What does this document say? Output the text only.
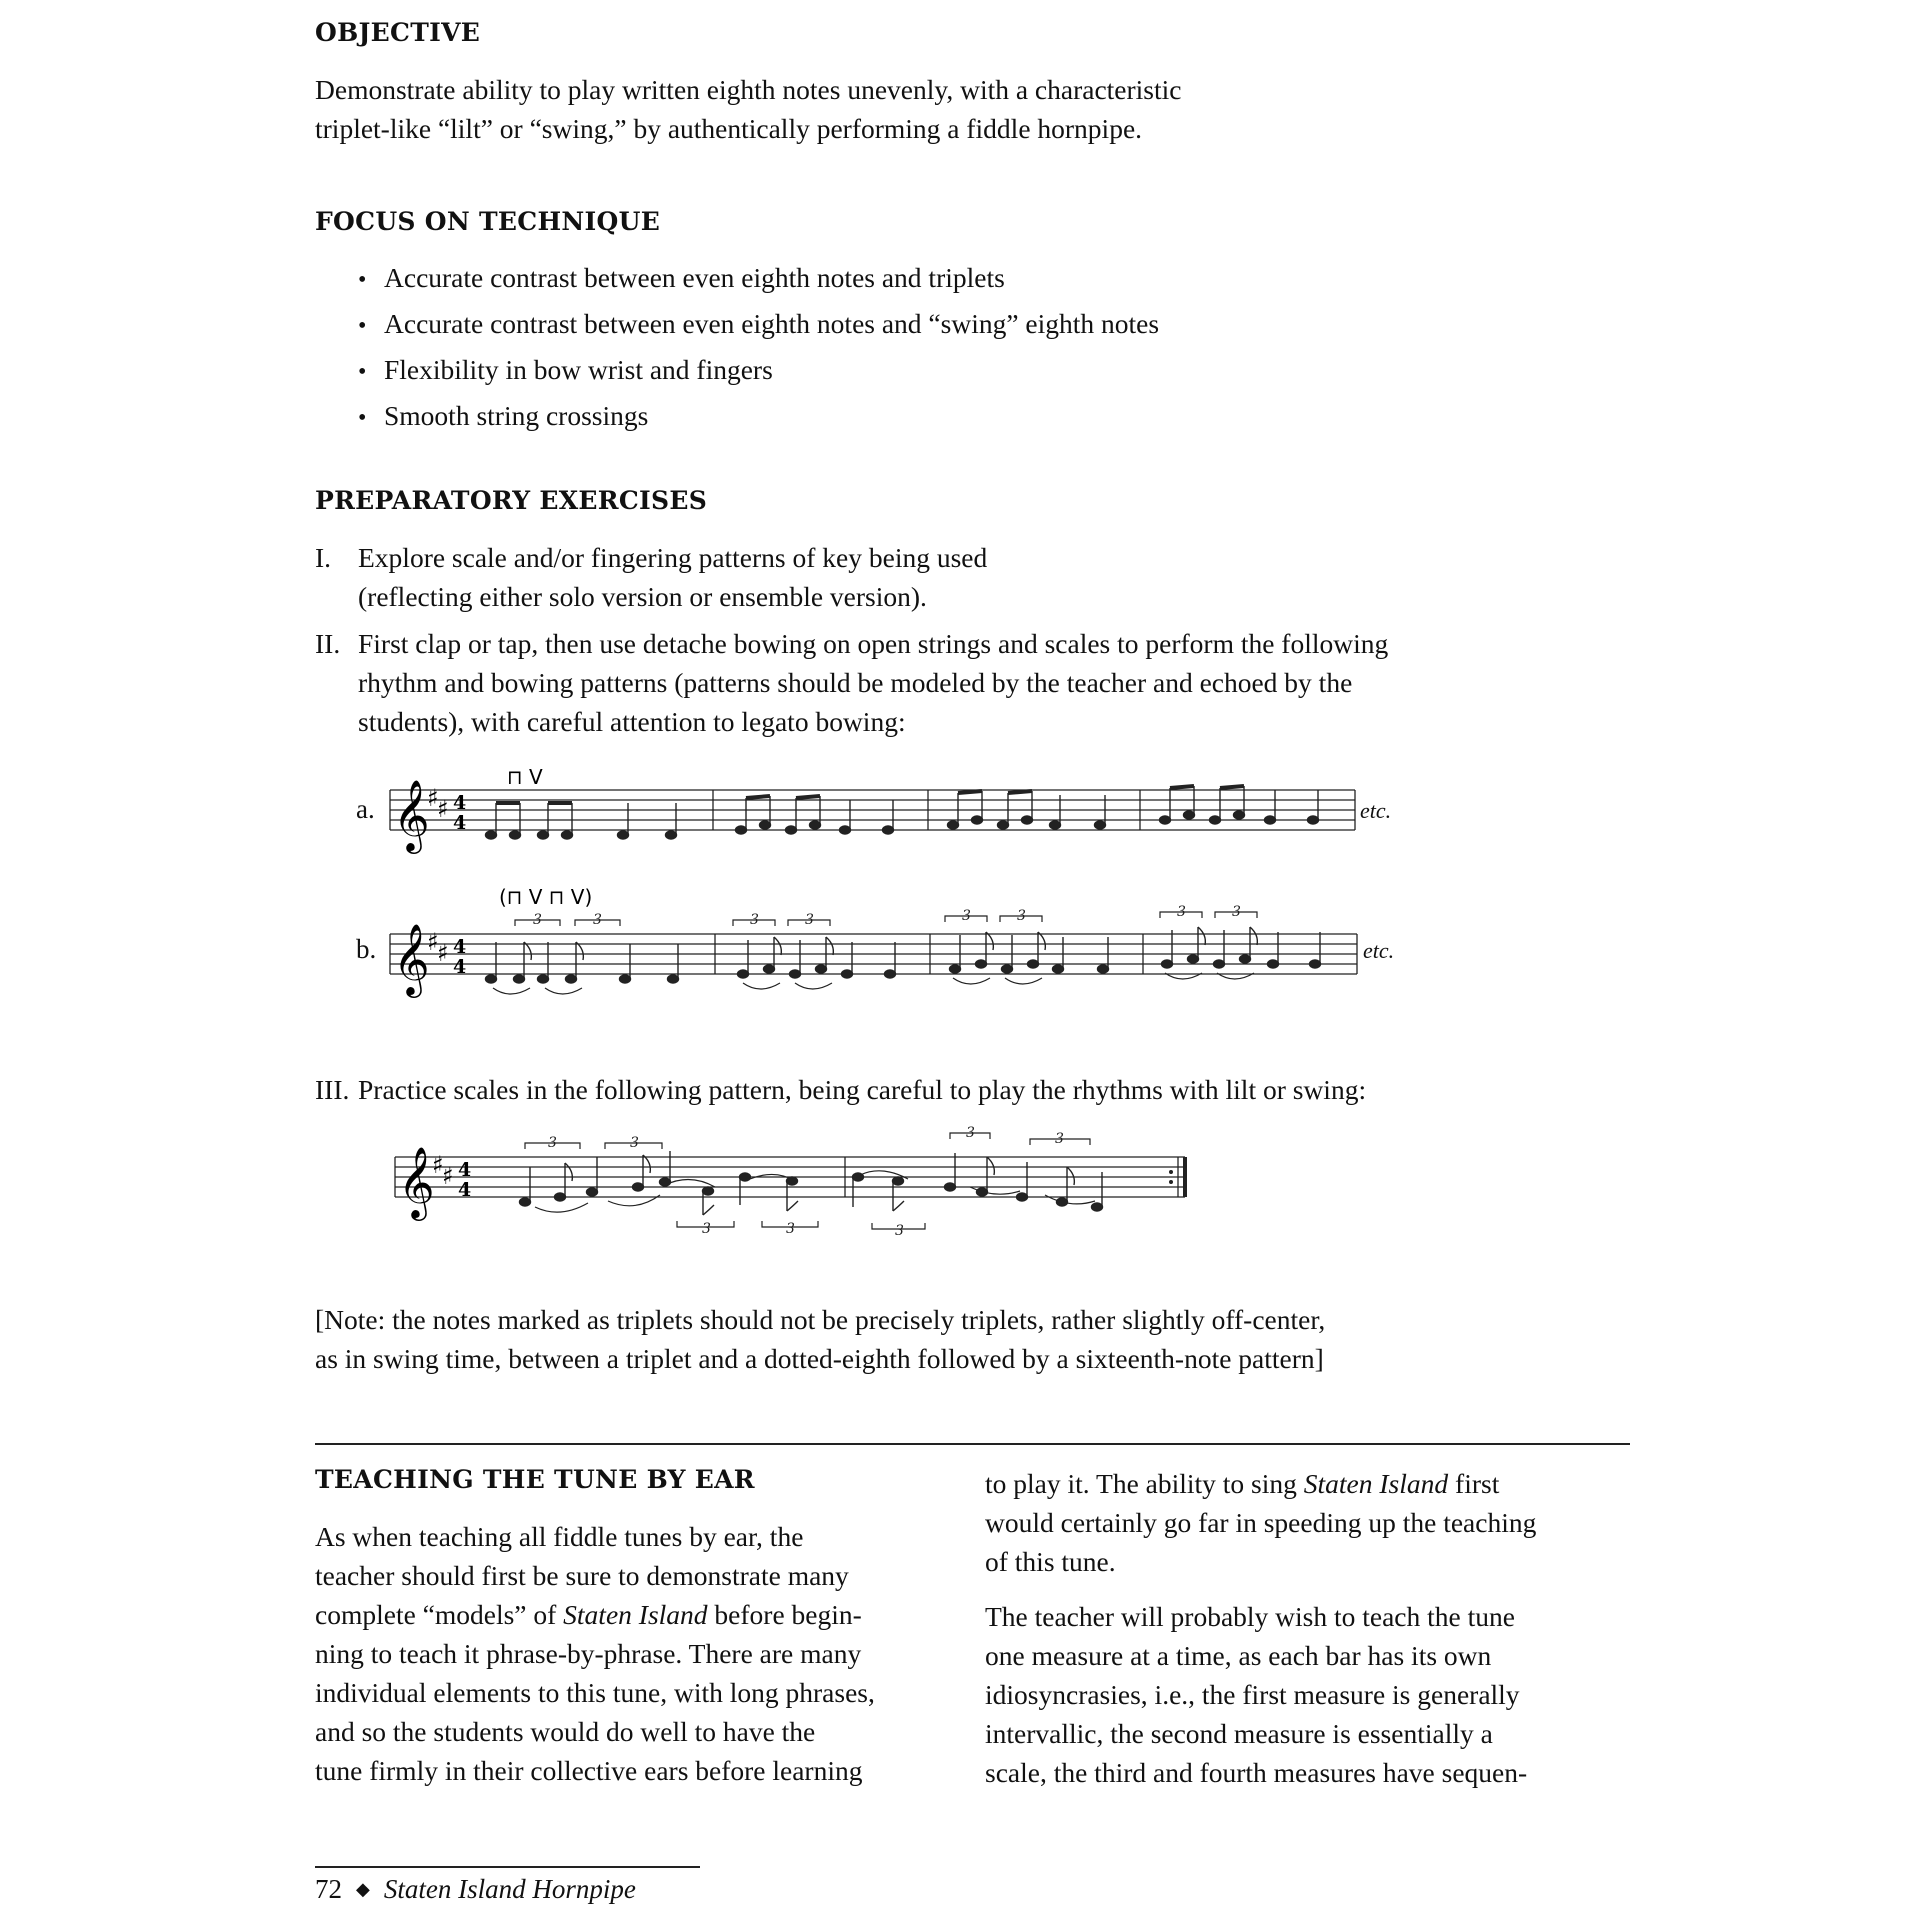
OBJECTIVE
Demonstrate ability to play written eighth notes unevenly, with a characteristic
triplet-like “lilt” or “swing,” by authentically performing a fiddle hornpipe.
FOCUS ON TECHNIQUE
• Accurate contrast between even eighth notes and triplets
• Accurate contrast between even eighth notes and “swing” eighth notes
• Flexibility in bow wrist and fingers
• Smooth string crossings
PREPARATORY EXERCISES
I. Explore scale and/or fingering patterns of key being used
(reflecting either solo version or ensemble version).
II. First clap or tap, then use detache bowing on open strings and scales to perform the following
rhythm and bowing patterns (patterns should be modeled by the teacher and echoed by the
students), with careful attention to legato bowing:
a. 𝄞
♯
♯ 4
4
⊓ V
etc.
b. 𝄞
♯
♯ 4
4
(⊓ V ⊓ V)
3	3	3	3	3	3	3	3
etc.
III. Practice scales in the following pattern, being careful to play the rhythms with lilt or swing:
𝄞
♯
♯ 4
4
3	3
3	3	3
3	3
[Note: the notes marked as triplets should not be precisely triplets, rather slightly off-center,
as in swing time, between a triplet and a dotted-eighth followed by a sixteenth-note pattern]
TEACHING THE TUNE BY EAR
As when teaching all fiddle tunes by ear, the
teacher should first be sure to demonstrate many
complete “models” of Staten Island before begin-
ning to teach it phrase-by-phrase. There are many
individual elements to this tune, with long phrases,
and so the students would do well to have the
tune firmly in their collective ears before learning
to play it. The ability to sing Staten Island first
would certainly go far in speeding up the teaching
of this tune.
The teacher will probably wish to teach the tune
one measure at a time, as each bar has its own
idiosyncrasies, i.e., the first measure is generally
intervallic, the second measure is essentially a
scale, the third and fourth measures have sequen-
72 ◆ Staten Island Hornpipe
